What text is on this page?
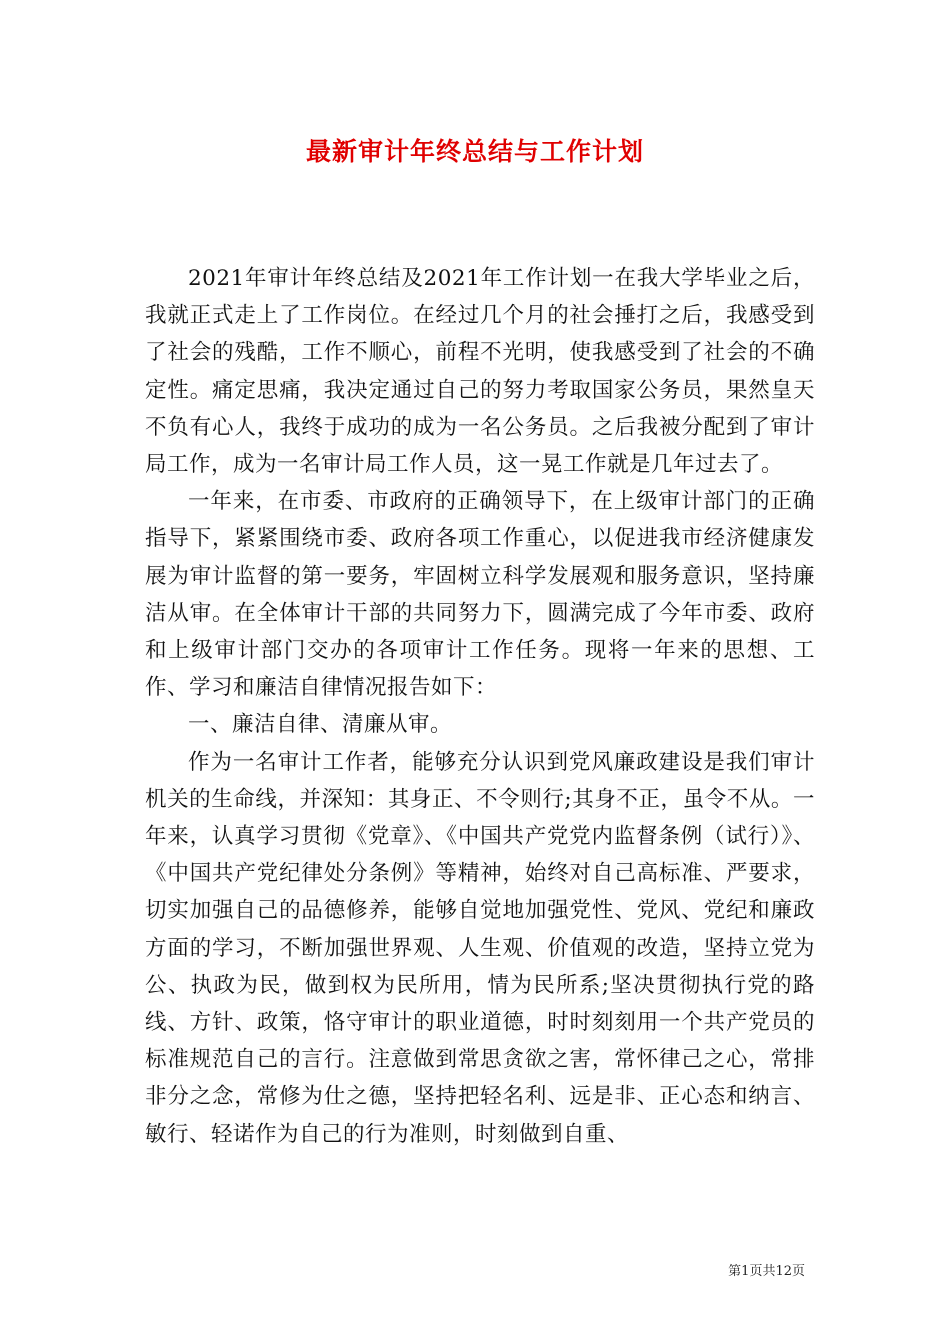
最新审计年终总结与工作计划

2021年审计年终总结及2021年工作计划一在我大学毕业之后，我就正式走上了工作岗位。在经过几个月的社会捶打之后，我感受到了社会的残酷，工作不顺心，前程不光明，使我感受到了社会的不确定性。痛定思痛，我决定通过自己的努力考取国家公务员，果然皇天不负有心人，我终于成功的成为一名公务员。之后我被分配到了审计局工作，成为一名审计局工作人员，这一晃工作就是几年过去了。

一年来，在市委、市政府的正确领导下，在上级审计部门的正确指导下，紧紧围绕市委、政府各项工作重心，以促进我市经济健康发展为审计监督的第一要务，牢固树立科学发展观和服务意识，坚持廉洁从审。在全体审计干部的共同努力下，圆满完成了今年市委、政府和上级审计部门交办的各项审计工作任务。现将一年来的思想、工作、学习和廉洁自律情况报告如下：

一、廉洁自律、清廉从审。

作为一名审计工作者，能够充分认识到党风廉政建设是我们审计机关的生命线，并深知：其身正、不令则行;其身不正，虽令不从。一年来，认真学习贯彻《党章》、《中国共产党党内监督条例（试行）》、《中国共产党纪律处分条例》等精神，始终对自己高标准、严要求，切实加强自己的品德修养，能够自觉地加强党性、党风、党纪和廉政方面的学习，不断加强世界观、人生观、价值观的改造，坚持立党为公、执政为民，做到权为民所用，情为民所系;坚决贯彻执行党的路线、方针、政策，恪守审计的职业道德，时时刻刻用一个共产党员的标准规范自己的言行。注意做到常思贪欲之害，常怀律己之心，常排非分之念，常修为仕之德，坚持把轻名利、远是非、正心态和纳言、敏行、轻诺作为自己的行为准则，时刻做到自重、

第1页共12页
